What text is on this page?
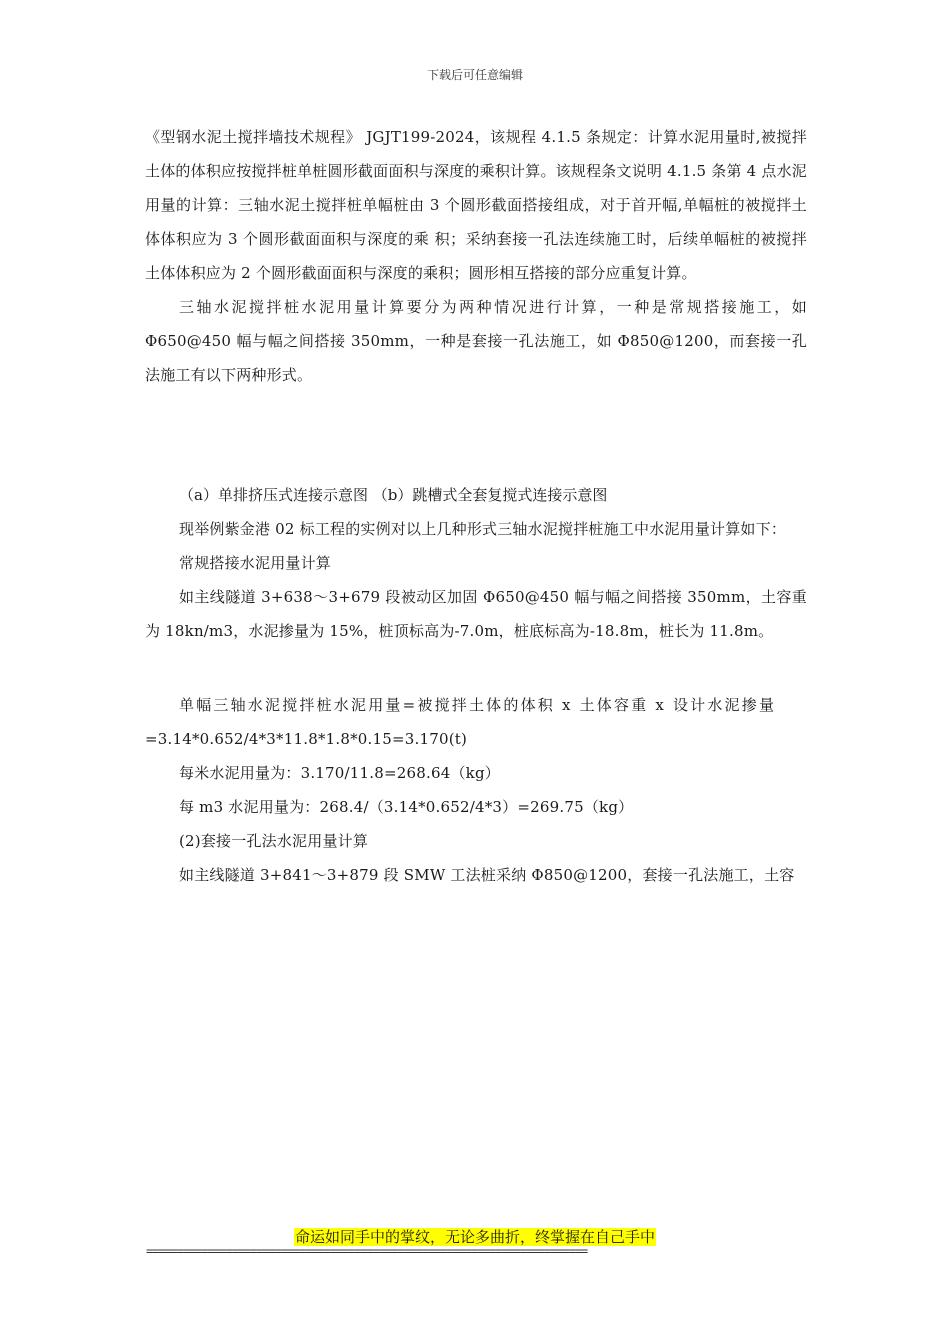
下载后可任意编辑

《型钢水泥土搅拌墙技术规程》 JGJT199-2024，该规程 4.1.5 条规定：计算水泥用量时,被搅拌土体的体积应按搅拌桩单桩圆形截面面积与深度的乘积计算。该规程条文说明 4.1.5 条第 4 点水泥用量的计算：三轴水泥土搅拌桩单幅桩由 3 个圆形截面搭接组成，对于首开幅,单幅桩的被搅拌土体体积应为 3 个圆形截面面积与深度的乘 积；采纳套接一孔法连续施工时，后续单幅桩的被搅拌土体体积应为 2 个圆形截面面积与深度的乘积；圆形相互搭接的部分应重复计算。

三轴水泥搅拌桩水泥用量计算要分为两种情况进行计算，一种是常规搭接施工，如Φ650@450 幅与幅之间搭接 350mm，一种是套接一孔法施工，如 Φ850@1200，而套接一孔法施工有以下两种形式。

（a）单排挤压式连接示意图 （b）跳槽式全套复搅式连接示意图

现举例紫金港 02 标工程的实例对以上几种形式三轴水泥搅拌桩施工中水泥用量计算如下：

常规搭接水泥用量计算

如主线隧道 3+638～3+679 段被动区加固 Φ650@450 幅与幅之间搭接 350mm，土容重为 18kn/m3，水泥掺量为 15%，桩顶标高为-7.0m，桩底标高为-18.8m，桩长为 11.8m。

单幅三轴水泥搅拌桩水泥用量=被搅拌土体的体积 x 土体容重 x 设计水泥掺量

=3.14*0.652/4*3*11.8*1.8*0.15=3.170(t)

每米水泥用量为：3.170/11.8=268.64（kg）

每 m3 水泥用量为：268.4/（3.14*0.652/4*3）=269.75（kg）

(2)套接一孔法水泥用量计算

如主线隧道 3+841～3+879 段 SMW 工法桩采纳 Φ850@1200，套接一孔法施工，土容

命运如同手中的掌纹，无论多曲折，终掌握在自己手中
========================================================================
